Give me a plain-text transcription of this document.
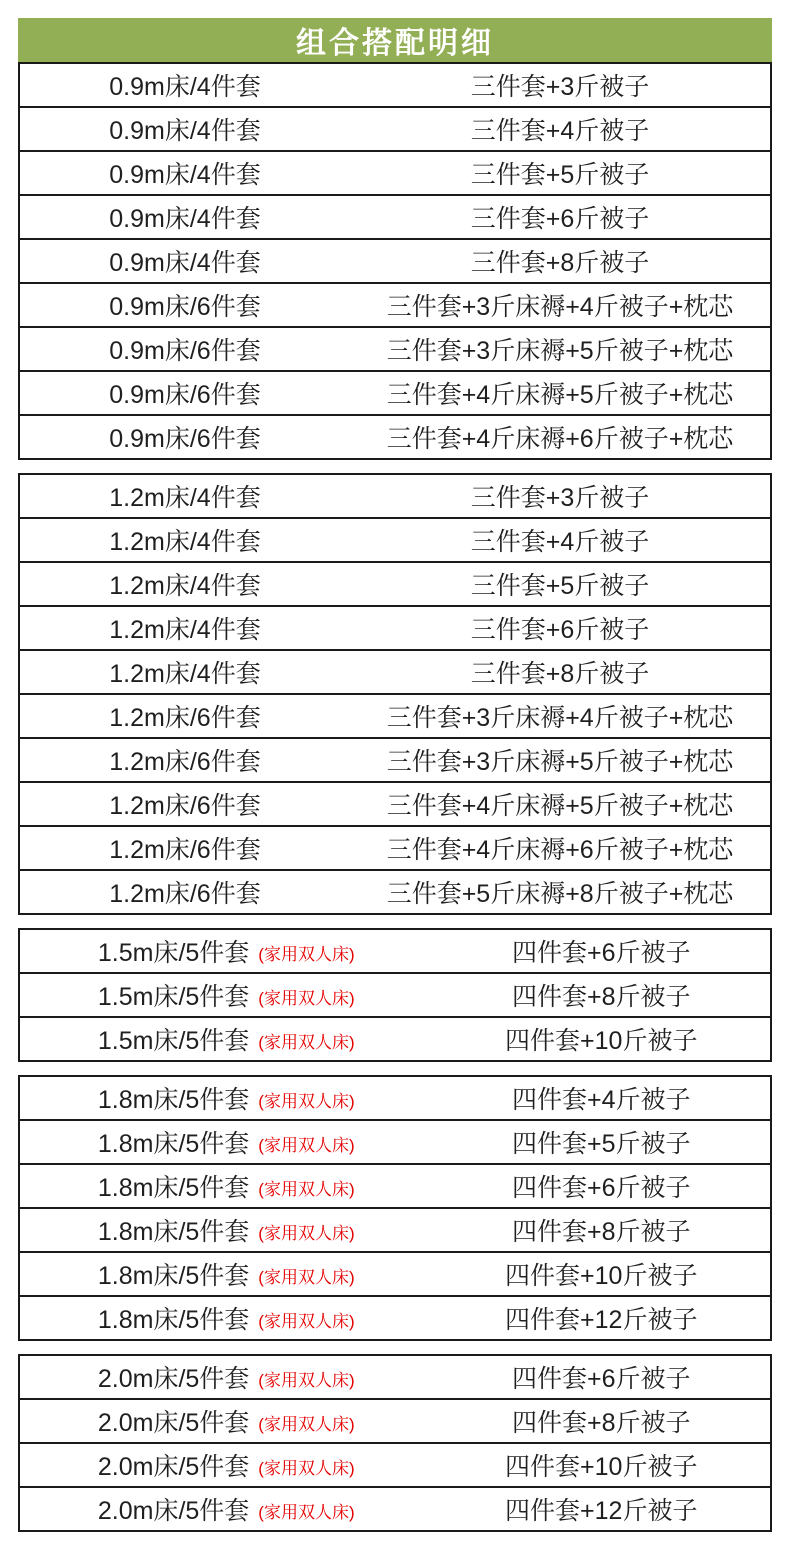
组合搭配明细
0.9m床/4件套	三件套+3斤被子
0.9m床/4件套	三件套+4斤被子
0.9m床/4件套	三件套+5斤被子
0.9m床/4件套	三件套+6斤被子
0.9m床/4件套	三件套+8斤被子
0.9m床/6件套	三件套+3斤床褥+4斤被子+枕芯
0.9m床/6件套	三件套+3斤床褥+5斤被子+枕芯
0.9m床/6件套	三件套+4斤床褥+5斤被子+枕芯
0.9m床/6件套	三件套+4斤床褥+6斤被子+枕芯
1.2m床/4件套	三件套+3斤被子
1.2m床/4件套	三件套+4斤被子
1.2m床/4件套	三件套+5斤被子
1.2m床/4件套	三件套+6斤被子
1.2m床/4件套	三件套+8斤被子
1.2m床/6件套	三件套+3斤床褥+4斤被子+枕芯
1.2m床/6件套	三件套+3斤床褥+5斤被子+枕芯
1.2m床/6件套	三件套+4斤床褥+5斤被子+枕芯
1.2m床/6件套	三件套+4斤床褥+6斤被子+枕芯
1.2m床/6件套	三件套+5斤床褥+8斤被子+枕芯
1.5m床/5件套 (家用双人床)	四件套+6斤被子
1.5m床/5件套 (家用双人床)	四件套+8斤被子
1.5m床/5件套 (家用双人床)	四件套+10斤被子
1.8m床/5件套 (家用双人床)	四件套+4斤被子
1.8m床/5件套 (家用双人床)	四件套+5斤被子
1.8m床/5件套 (家用双人床)	四件套+6斤被子
1.8m床/5件套 (家用双人床)	四件套+8斤被子
1.8m床/5件套 (家用双人床)	四件套+10斤被子
1.8m床/5件套 (家用双人床)	四件套+12斤被子
2.0m床/5件套 (家用双人床)	四件套+6斤被子
2.0m床/5件套 (家用双人床)	四件套+8斤被子
2.0m床/5件套 (家用双人床)	四件套+10斤被子
2.0m床/5件套 (家用双人床)	四件套+12斤被子
